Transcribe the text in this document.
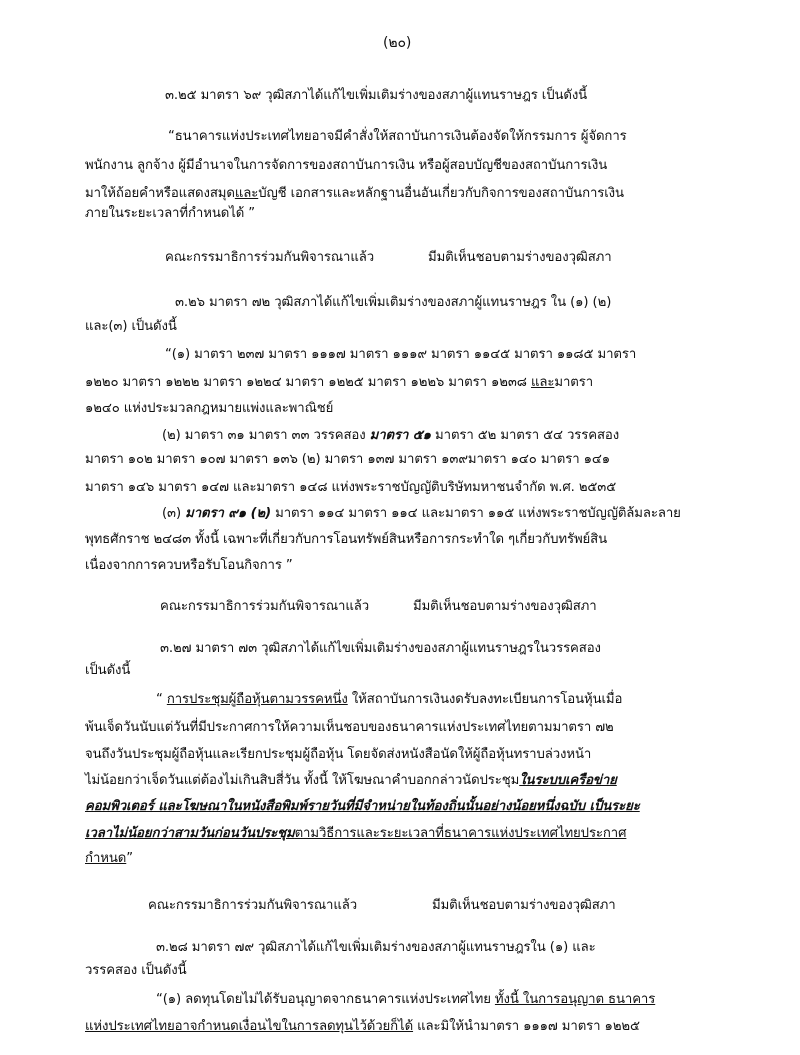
(๒๐)
๓.๒๕ มาตรา ๖๙ วุฒิสภาได้แก้ไขเพิ่มเติมร่างของสภาผู้แทนราษฎร เป็นดังนี้
“ธนาคารแห่งประเทศไทยอาจมีคำสั่งให้สถาบันการเงินต้องจัดให้กรรมการ ผู้จัดการ
พนักงาน ลูกจ้าง ผู้มีอำนาจในการจัดการของสถาบันการเงิน หรือผู้สอบบัญชีของสถาบันการเงิน
มาให้ถ้อยคำหรือแสดงสมุดและบัญชี เอกสารและหลักฐานอื่นอันเกี่ยวกับกิจการของสถาบันการเงิน
ภายในระยะเวลาที่กำหนดได้ ”
คณะกรรมาธิการร่วมกันพิจารณาแล้ว	มีมติเห็นชอบตามร่างของวุฒิสภา
๓.๒๖ มาตรา ๗๒ วุฒิสภาได้แก้ไขเพิ่มเติมร่างของสภาผู้แทนราษฎร ใน (๑) (๒)
และ(๓) เป็นดังนี้
“(๑) มาตรา ๒๓๗ มาตรา ๑๑๑๗ มาตรา ๑๑๑๙ มาตรา ๑๑๔๕ มาตรา ๑๑๘๕ มาตรา
๑๒๒๐ มาตรา ๑๒๒๒ มาตรา ๑๒๒๔ มาตรา ๑๒๒๕ มาตรา ๑๒๒๖ มาตรา ๑๒๓๘ และมาตรา
๑๒๔๐ แห่งประมวลกฎหมายแพ่งและพาณิชย์
(๒) มาตรา ๓๑ มาตรา ๓๓ วรรคสอง มาตรา ๕๑ มาตรา ๕๒ มาตรา ๕๔ วรรคสอง
มาตรา ๑๐๒ มาตรา ๑๐๗ มาตรา ๑๓๖ (๒) มาตรา ๑๓๗ มาตรา ๑๓๙มาตรา ๑๔๐ มาตรา ๑๔๑
มาตรา ๑๔๖ มาตรา ๑๔๗ และมาตรา ๑๔๘ แห่งพระราชบัญญัติบริษัทมหาชนจำกัด พ.ศ. ๒๕๓๕
(๓) มาตรา ๙๑ (๒) มาตรา ๑๑๔ มาตรา ๑๑๔ และมาตรา ๑๑๕ แห่งพระราชบัญญัติล้มละลาย
พุทธศักราช ๒๔๘๓ ทั้งนี้ เฉพาะที่เกี่ยวกับการโอนทรัพย์สินหรือการกระทำใด ๆเกี่ยวกับทรัพย์สิน
เนื่องจากการควบหรือรับโอนกิจการ ”
คณะกรรมาธิการร่วมกันพิจารณาแล้ว	มีมติเห็นชอบตามร่างของวุฒิสภา
๓.๒๗ มาตรา ๗๓ วุฒิสภาได้แก้ไขเพิ่มเติมร่างของสภาผู้แทนราษฎรในวรรคสอง
เป็นดังนี้
“ การประชุมผู้ถือหุ้นตามวรรคหนึ่ง ให้สถาบันการเงินงดรับลงทะเบียนการโอนหุ้นเมื่อ
พ้นเจ็ดวันนับแต่วันที่มีประกาศการให้ความเห็นชอบของธนาคารแห่งประเทศไทยตามมาตรา ๗๒
จนถึงวันประชุมผู้ถือหุ้นและเรียกประชุมผู้ถือหุ้น โดยจัดส่งหนังสือนัดให้ผู้ถือหุ้นทราบล่วงหน้า
ไม่น้อยกว่าเจ็ดวันแต่ต้องไม่เกินสิบสี่วัน ทั้งนี้ ให้โฆษณาคำบอกกล่าวนัดประชุมในระบบเครือข่าย
คอมพิวเตอร์ และโฆษณาในหนังสือพิมพ์รายวันที่มีจำหน่ายในท้องถิ่นนั้นอย่างน้อยหนึ่งฉบับ เป็นระยะ
เวลาไม่น้อยกว่าสามวันก่อนวันประชุมตามวิธีการและระยะเวลาที่ธนาคารแห่งประเทศไทยประกาศ
กำหนด”
คณะกรรมาธิการร่วมกันพิจารณาแล้ว	มีมติเห็นชอบตามร่างของวุฒิสภา
๓.๒๘ มาตรา ๗๙ วุฒิสภาได้แก้ไขเพิ่มเติมร่างของสภาผู้แทนราษฎรใน (๑) และ
วรรคสอง เป็นดังนี้
“(๑) ลดทุนโดยไม่ได้รับอนุญาตจากธนาคารแห่งประเทศไทย ทั้งนี้ ในการอนุญาต ธนาคาร
แห่งประเทศไทยอาจกำหนดเงื่อนไขในการลดทุนไว้ด้วยก็ได้ และมิให้นำมาตรา ๑๑๑๗ มาตรา ๑๒๒๕
